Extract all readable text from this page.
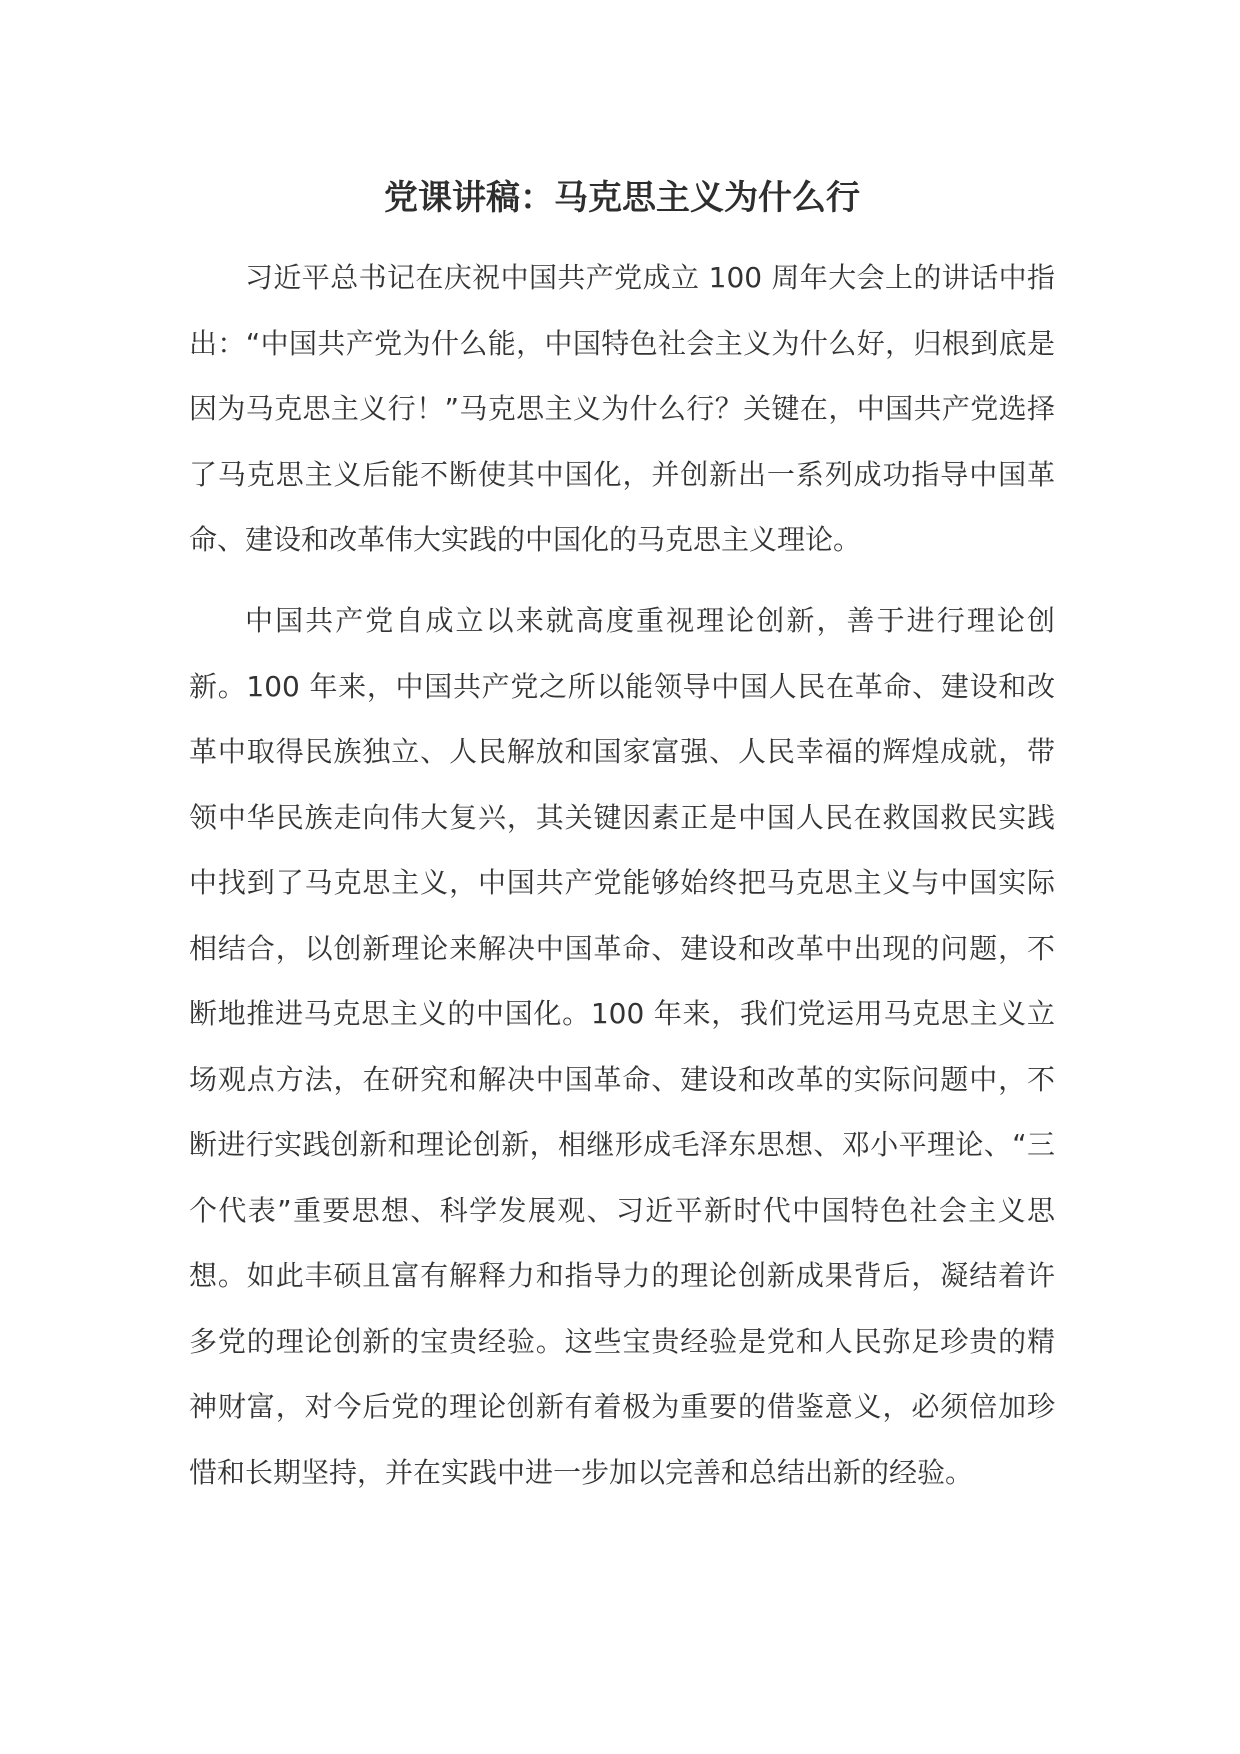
党课讲稿：马克思主义为什么行

习近平总书记在庆祝中国共产党成立 100 周年大会上的讲话中指出：“中国共产党为什么能，中国特色社会主义为什么好，归根到底是因为马克思主义行！”马克思主义为什么行？关键在，中国共产党选择了马克思主义后能不断使其中国化，并创新出一系列成功指导中国革命、建设和改革伟大实践的中国化的马克思主义理论。

中国共产党自成立以来就高度重视理论创新，善于进行理论创新。100 年来，中国共产党之所以能领导中国人民在革命、建设和改革中取得民族独立、人民解放和国家富强、人民幸福的辉煌成就，带领中华民族走向伟大复兴，其关键因素正是中国人民在救国救民实践中找到了马克思主义，中国共产党能够始终把马克思主义与中国实际相结合，以创新理论来解决中国革命、建设和改革中出现的问题，不断地推进马克思主义的中国化。100 年来，我们党运用马克思主义立场观点方法，在研究和解决中国革命、建设和改革的实际问题中，不断进行实践创新和理论创新，相继形成毛泽东思想、邓小平理论、“三个代表”重要思想、科学发展观、习近平新时代中国特色社会主义思想。如此丰硕且富有解释力和指导力的理论创新成果背后，凝结着许多党的理论创新的宝贵经验。这些宝贵经验是党和人民弥足珍贵的精神财富，对今后党的理论创新有着极为重要的借鉴意义，必须倍加珍惜和长期坚持，并在实践中进一步加以完善和总结出新的经验。
